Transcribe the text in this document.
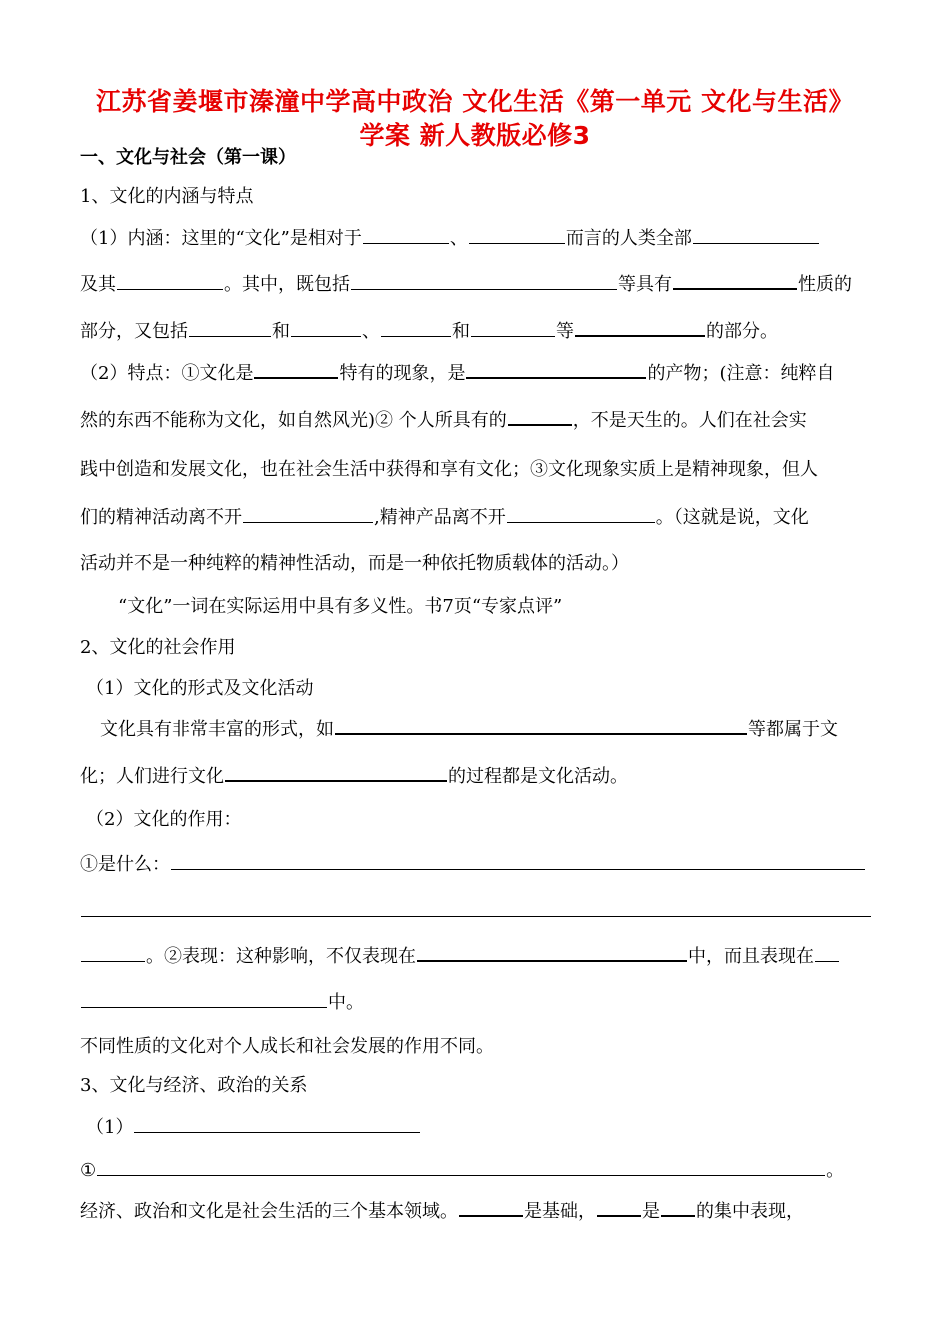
江苏省姜堰市溱潼中学高中政治 文化生活《第一单元 文化与生活》
学案 新人教版必修3
一、文化与社会（第一课）
1、文化的内涵与特点
（1）内涵：这里的“文化”是相对于	、	而言的人类全部
及其	。其中，既包括	等具有	性质的
部分，又包括	和	、	和	等	的部分。
（2）特点：①文化是	特有的现象，是	的产物；(注意：纯粹自
然的东西不能称为文化，如自然风光)② 个人所具有的	，不是天生的。人们在社会实
践中创造和发展文化，也在社会生活中获得和享有文化；③文化现象实质上是精神现象，但人
们的精神活动离不开	,精神产品离不开	。（这就是说，文化
活动并不是一种纯粹的精神性活动，而是一种依托物质载体的活动。）
“文化”一词在实际运用中具有多义性。书7页“专家点评”
2、文化的社会作用
（1）文化的形式及文化活动
文化具有非常丰富的形式，如	等都属于文
化；人们进行文化	的过程都是文化活动。
（2）文化的作用：
①是什么：
。②表现：这种影响，不仅表现在	中，而且表现在
中。
不同性质的文化对个人成长和社会发展的作用不同。
3、文化与经济、政治的关系
（1）
①	。
经济、政治和文化是社会生活的三个基本领域。	是基础，	是 的集中表现，
